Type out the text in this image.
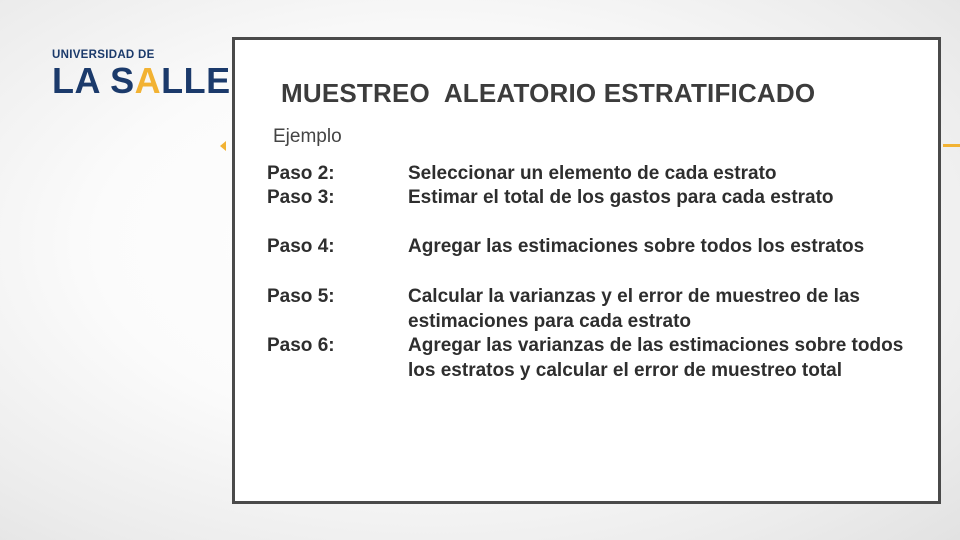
UNIVERSIDAD DE
LA SALLE MUESTREO  ALEATORIO ESTRATIFICADO
Ejemplo
Paso 2:	Seleccionar un elemento de cada estrato
Paso 3:	Estimar el total de los gastos para cada estrato
Paso 4:	Agregar las estimaciones sobre todos los estratos
Paso 5:	Calcular la varianzas y el error de muestreo de las estimaciones para cada estrato
Paso 6:	Agregar las varianzas de las estimaciones sobre todos los estratos y calcular el error de muestreo total
